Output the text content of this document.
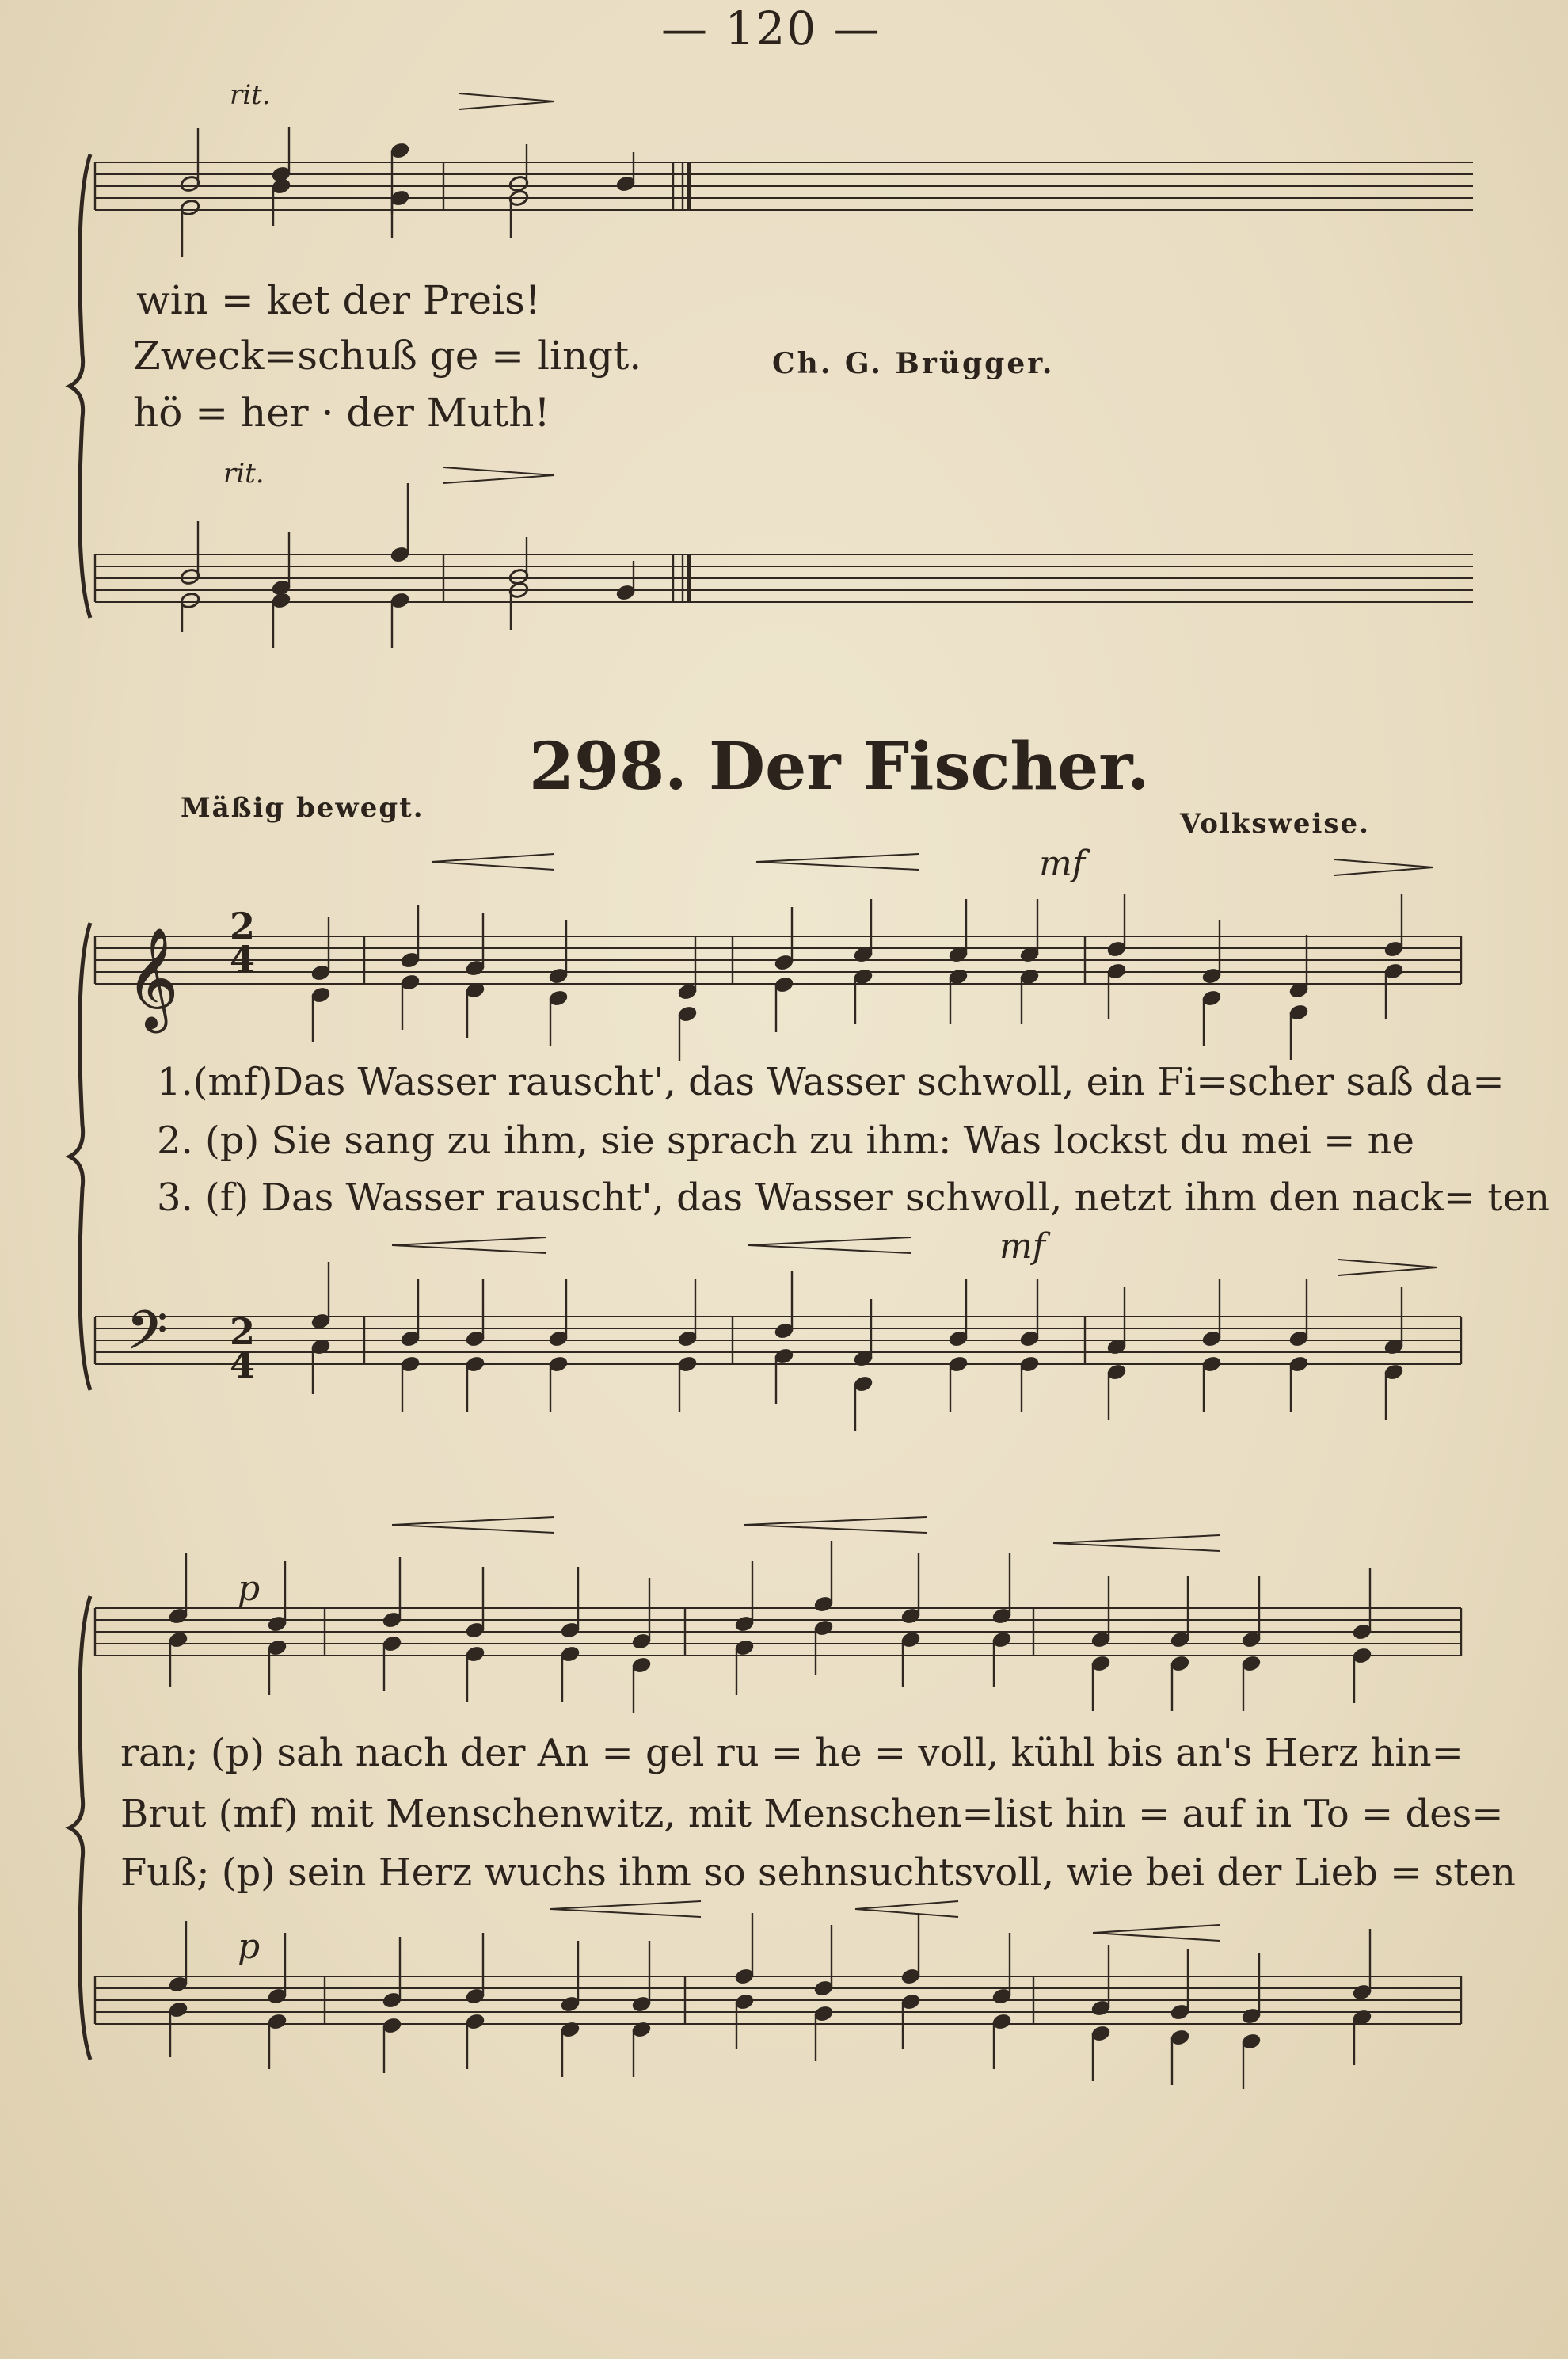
— 120 —
𝄞
𝄢
rit.
rit.
win = ket der Preis!
Zweck=schuß ge = lingt.
hö = her · der Muth!
Ch. G. Brügger.
298. Der Fischer.
Mäßig bewegt.	Volksweise.
mf
mf
p
p
2
4
2
4
1.(mf)Das Wasser rauscht', das Wasser schwoll, ein Fi=scher saß da=
2. (p) Sie sang zu ihm, sie sprach zu ihm: Was lockst du mei = ne
3. (f) Das Wasser rauscht', das Wasser schwoll, netzt ihm den nack= ten
ran; (p) sah nach der An = gel ru = he = voll, kühl bis an's Herz hin=
Brut (mf) mit Menschenwitz, mit Menschen=list hin = auf in To = des=
Fuß; (p) sein Herz wuchs ihm so sehnsuchtsvoll, wie bei der Lieb = sten
